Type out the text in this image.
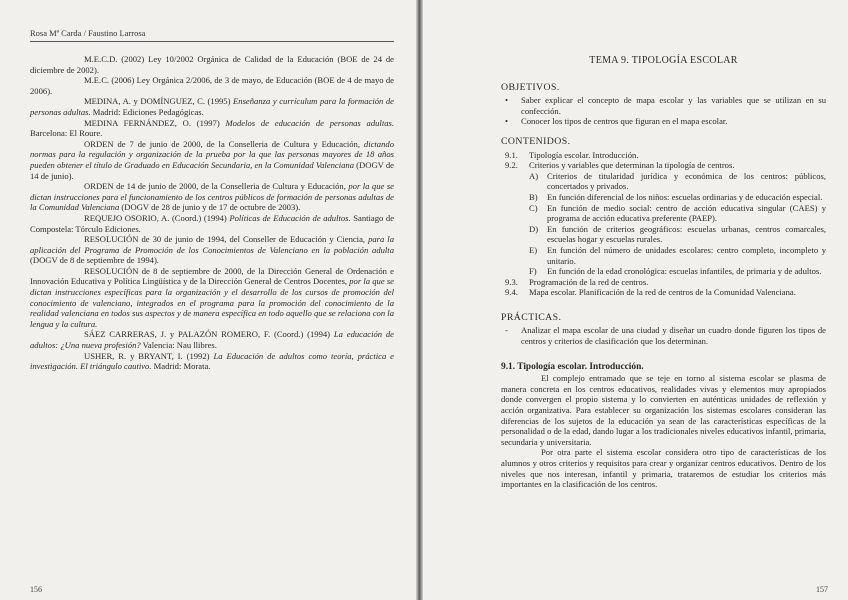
Rosa Mª Carda / Faustino Larrosa

M.E.C.D. (2002) Ley 10/2002 Orgánica de Calidad de la Educación (BOE de 24 de diciembre de 2002).

M.E.C. (2006) Ley Orgánica 2/2006, de 3 de mayo, de Educación (BOE de 4 de mayo de 2006).

MEDINA, A. y DOMÍNGUEZ, C. (1995) Enseñanza y currículum para la formación de personas adultas. Madrid: Ediciones Pedagógicas.

MEDINA FERNÁNDEZ, O. (1997) Modelos de educación de personas adultas. Barcelona: El Roure.

ORDEN de 7 de junio de 2000, de la Conselleria de Cultura y Educación, dictando normas para la regulación y organización de la prueba por la que las personas mayores de 18 años pueden obtener el título de Graduado en Educación Secundaria, en la Comunidad Valenciana (DOGV de 14 de junio).

ORDEN de 14 de junio de 2000, de la Conselleria de Cultura y Educación, por la que se dictan instrucciones para el funcionamiento de los centros públicos de formación de personas adultas de la Comunidad Valenciana (DOGV de 28 de junio y de 17 de octubre de 2003).

REQUEJO OSORIO, A. (Coord.) (1994) Políticas de Educación de adultos. Santiago de Compostela: Tórculo Ediciones.

RESOLUCIÓN de 30 de junio de 1994, del Conseller de Educación y Ciencia, para la aplicación del Programa de Promoción de los Conocimientos de Valenciano en la población adulta (DOGV de 8 de septiembre de 1994).

RESOLUCIÓN de 8 de septiembre de 2000, de la Dirección General de Ordenación e Innovación Educativa y Política Lingüística y de la Dirección General de Centros Docentes, por la que se dictan instrucciones específicas para la organización y el desarrollo de los cursos de promoción del conocimiento de valenciano, integrados en el programa para la promoción del conocimiento de la realidad valenciana en todos sus aspectos y de manera específica en todo aquello que se relaciona con la lengua y la cultura.

SÁEZ CARRERAS, J. y PALAZÓN ROMERO, F. (Coord.) (1994) La educación de adultos: ¿Una nueva profesión? Valencia: Nau llibres.

USHER, R. y BRYANT, I. (1992) La Educación de adultos como teoría, práctica e investigación. El triángulo cautivo. Madrid: Morata.

156

TEMA 9. TIPOLOGÍA ESCOLAR

OBJETIVOS.

• Saber explicar el concepto de mapa escolar y las variables que se utilizan en su confección.

• Conocer los tipos de centros que figuran en el mapa escolar.

CONTENIDOS.

9.1. Tipología escolar. Introducción.

9.2. Criterios y variables que determinan la tipología de centros.

A) Criterios de titularidad jurídica y económica de los centros: públicos, concertados y privados.

B) En función diferencial de los niños: escuelas ordinarias y de educación especial.

C) En función de medio social: centro de acción educativa singular (CAES) y programa de acción educativa preferente (PAEP).

D) En función de criterios geográficos: escuelas urbanas, centros comarcales, escuelas hogar y escuelas rurales.

E) En función del número de unidades escolares: centro completo, incompleto y unitario.

F) En función de la edad cronológica: escuelas infantiles, de primaria y de adultos.

9.3. Programación de la red de centros.

9.4. Mapa escolar. Planificación de la red de centros de la Comunidad Valenciana.

PRÁCTICAS.

- Analizar el mapa escolar de una ciudad y diseñar un cuadro donde figuren los tipos de centros y criterios de clasificación que los determinan.

9.1. Tipología escolar. Introducción.

El complejo entramado que se teje en torno al sistema escolar se plasma de manera concreta en los centros educativos, realidades vivas y elementos muy apropiados donde convergen el propio sistema y lo convierten en auténticas unidades de reflexión y acción organizativa. Para establecer su organización los sistemas escolares consideran las diferencias de los sujetos de la educación ya sean de las características específicas de la personalidad o de la edad, dando lugar a los tradicionales niveles educativos infantil, primaria, secundaria y universitaria.

Por otra parte el sistema escolar considera otro tipo de características de los alumnos y otros criterios y requisitos para crear y organizar centros educativos. Dentro de los niveles que nos interesan, infantil y primaria, trataremos de estudiar los criterios más importantes en la clasificación de los centros.

157
